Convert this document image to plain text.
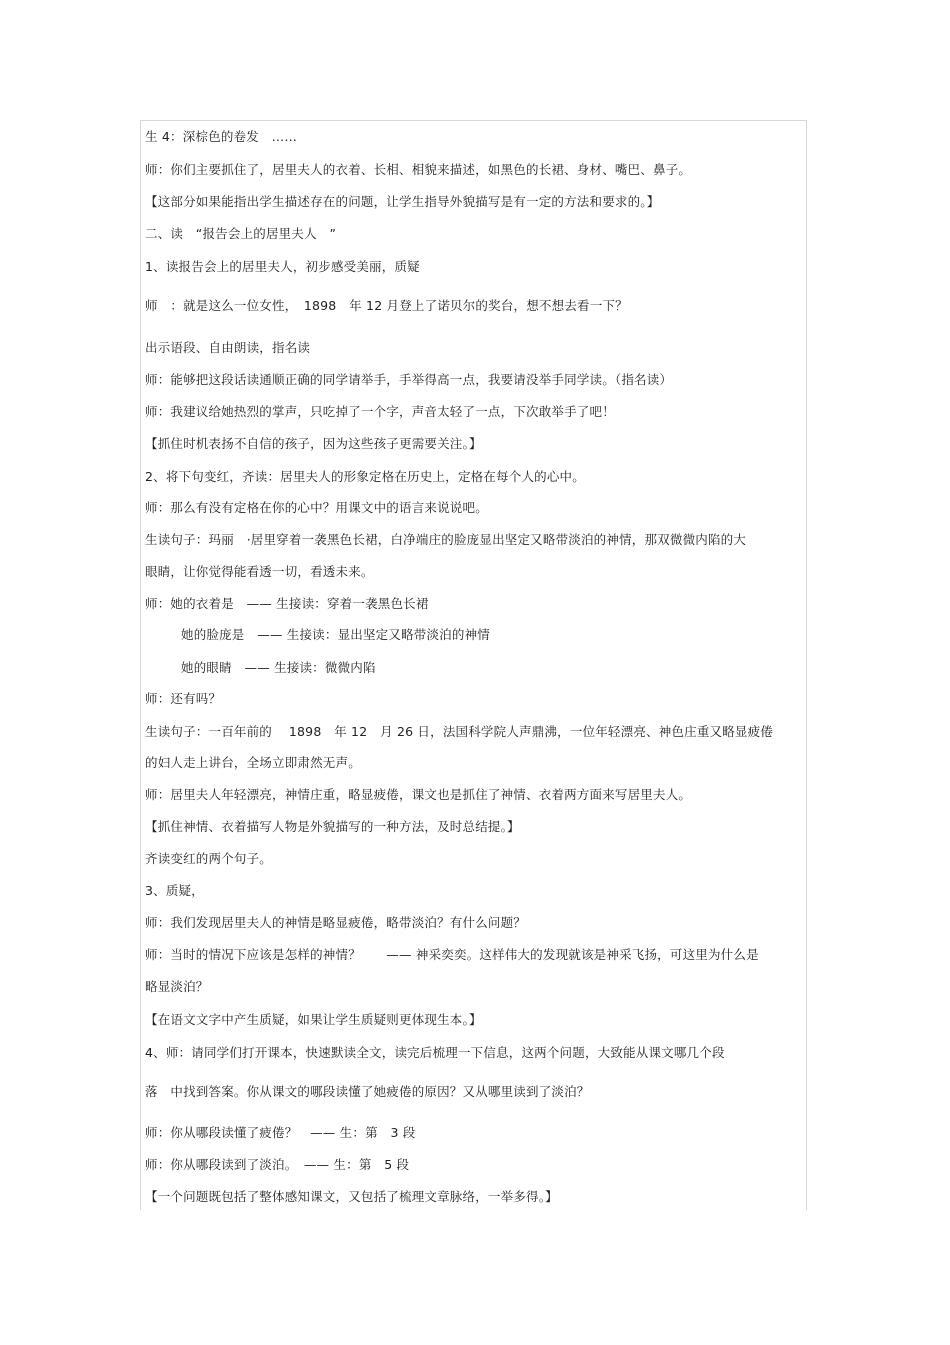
生 4：深棕色的卷发　……
师：你们主要抓住了，居里夫人的衣着、长相、相貌来描述，如黑色的长裙、身材、嘴巴、鼻子。
【这部分如果能指出学生描述存在的问题，让学生指导外貌描写是有一定的方法和要求的。】
二、读　“报告会上的居里夫人　”
1、读报告会上的居里夫人，初步感受美丽，质疑
师　：就是这么一位女性，　1898　年 12 月登上了诺贝尔的奖台，想不想去看一下？
出示语段、自由朗读，指名读
师：能够把这段话读通顺正确的同学请举手，手举得高一点，我要请没举手同学读。（指名读）
师：我建议给她热烈的掌声，只吃掉了一个字，声音太轻了一点，下次敢举手了吧！
【抓住时机表扬不自信的孩子，因为这些孩子更需要关注。】
2、将下句变红，齐读：居里夫人的形象定格在历史上，定格在每个人的心中。
师：那么有没有定格在你的心中？用课文中的语言来说说吧。
生读句子：玛丽　·居里穿着一袭黑色长裙，白净端庄的脸庞显出坚定又略带淡泊的神情，那双微微内陷的大
眼睛，让你觉得能看透一切，看透未来。
师：她的衣着是　—— 生接读：穿着一袭黑色长裙
她的脸庞是　—— 生接读：显出坚定又略带淡泊的神情
她的眼睛　—— 生接读：微微内陷
师：还有吗？
生读句子：一百年前的　 1898　年 12　月 26 日，法国科学院人声鼎沸，一位年轻漂亮、神色庄重又略显疲倦
的妇人走上讲台，全场立即肃然无声。
师：居里夫人年轻漂亮，神情庄重，略显疲倦，课文也是抓住了神情、衣着两方面来写居里夫人。
【抓住神情、衣着描写人物是外貌描写的一种方法，及时总结提。】
齐读变红的两个句子。
3、质疑，
师：我们发现居里夫人的神情是略显疲倦，略带淡泊？有什么问题？
师：当时的情况下应该是怎样的神情？　　—— 神采奕奕。这样伟大的发现就该是神采飞扬，可这里为什么是
略显淡泊？
【在语文文字中产生质疑，如果让学生质疑则更体现生本。】
4、师：请同学们打开课本，快速默读全文，读完后梳理一下信息，这两个问题，大致能从课文哪几个段
落　中找到答案。你从课文的哪段读懂了她疲倦的原因？又从哪里读到了淡泊？
师：你从哪段读懂了疲倦？　—— 生：第　3 段
师：你从哪段读到了淡泊。　—— 生：第　5 段
【一个问题既包括了整体感知课文，又包括了梳理文章脉络，一举多得。】
